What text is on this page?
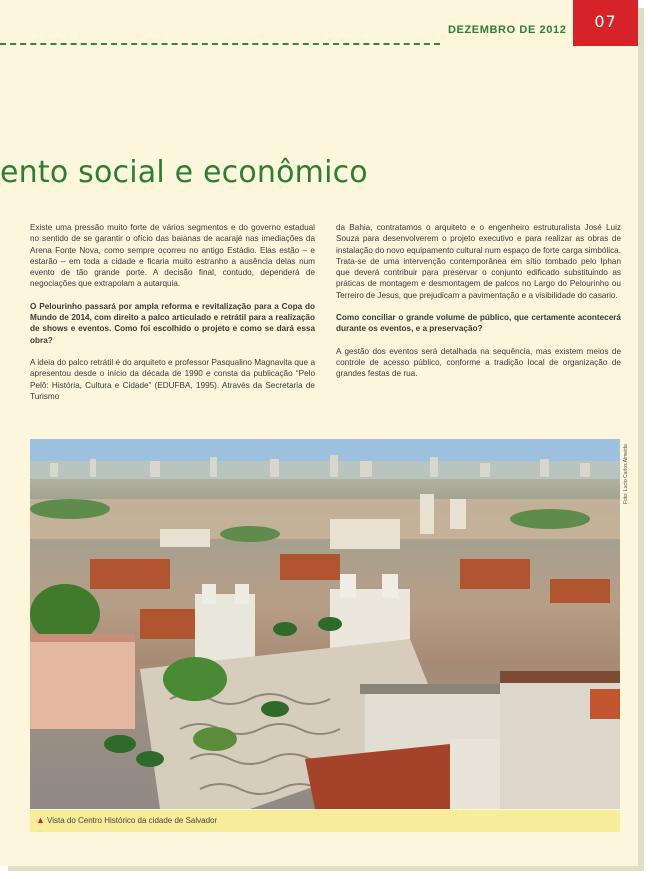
DEZEMBRO DE 2012	07
ento social e econômico

Existe uma pressão muito forte de vários segmentos e do governo estadual no sentido de se garantir o ofício das baianas de acarajé nas imediações da Arena Fonte Nova, como sempre ocorreu no antigo Estádio. Elas estão – e estarão – em toda a cidade e ficaria muito estranho a ausência delas num evento de tão grande porte. A decisão final, contudo, dependerá de negociações que extrapolam a autarquia.

O Pelourinho passará por ampla reforma e revitalização para a Copa do Mundo de 2014, com direito a palco articulado e retrátil para a realização de shows e eventos. Como foi escolhido o projeto e como se dará essa obra?

A ideia do palco retrátil é do arquiteto e professor Pasqualino Magnavita que a apresentou desde o início da década de 1990 e consta da publicação “Pelo Pelô: História, Cultura e Cidade” (EDUFBA, 1995). Através da Secretaria de Turismo

da Bahia, contratamos o arquiteto e o engenheiro estruturalista José Luiz Souza para desenvolverem o projeto executivo e para realizar as obras de instalação do novo equipamento cultural num espaço de forte carga simbólica. Trata-se de uma intervenção contemporânea em sítio tombado pelo Iphan que deverá contribuir para preservar o conjunto edificado substituindo as práticas de montagem e desmontagem de palcos no Largo do Pelourinho ou Terreiro de Jesus, que prejudicam a pavimentação e a visibilidade do casario.

Como conciliar o grande volume de público, que certamente acontecerá durante os eventos, e a preservação?

A gestão dos eventos será detalhada na sequência, mas existem meios de controle de acesso público, conforme a tradição local de organização de grandes festas de rua.

Foto: Lucio Carlos Almeida
▲ Vista do Centro Histórico da cidade de Salvador
